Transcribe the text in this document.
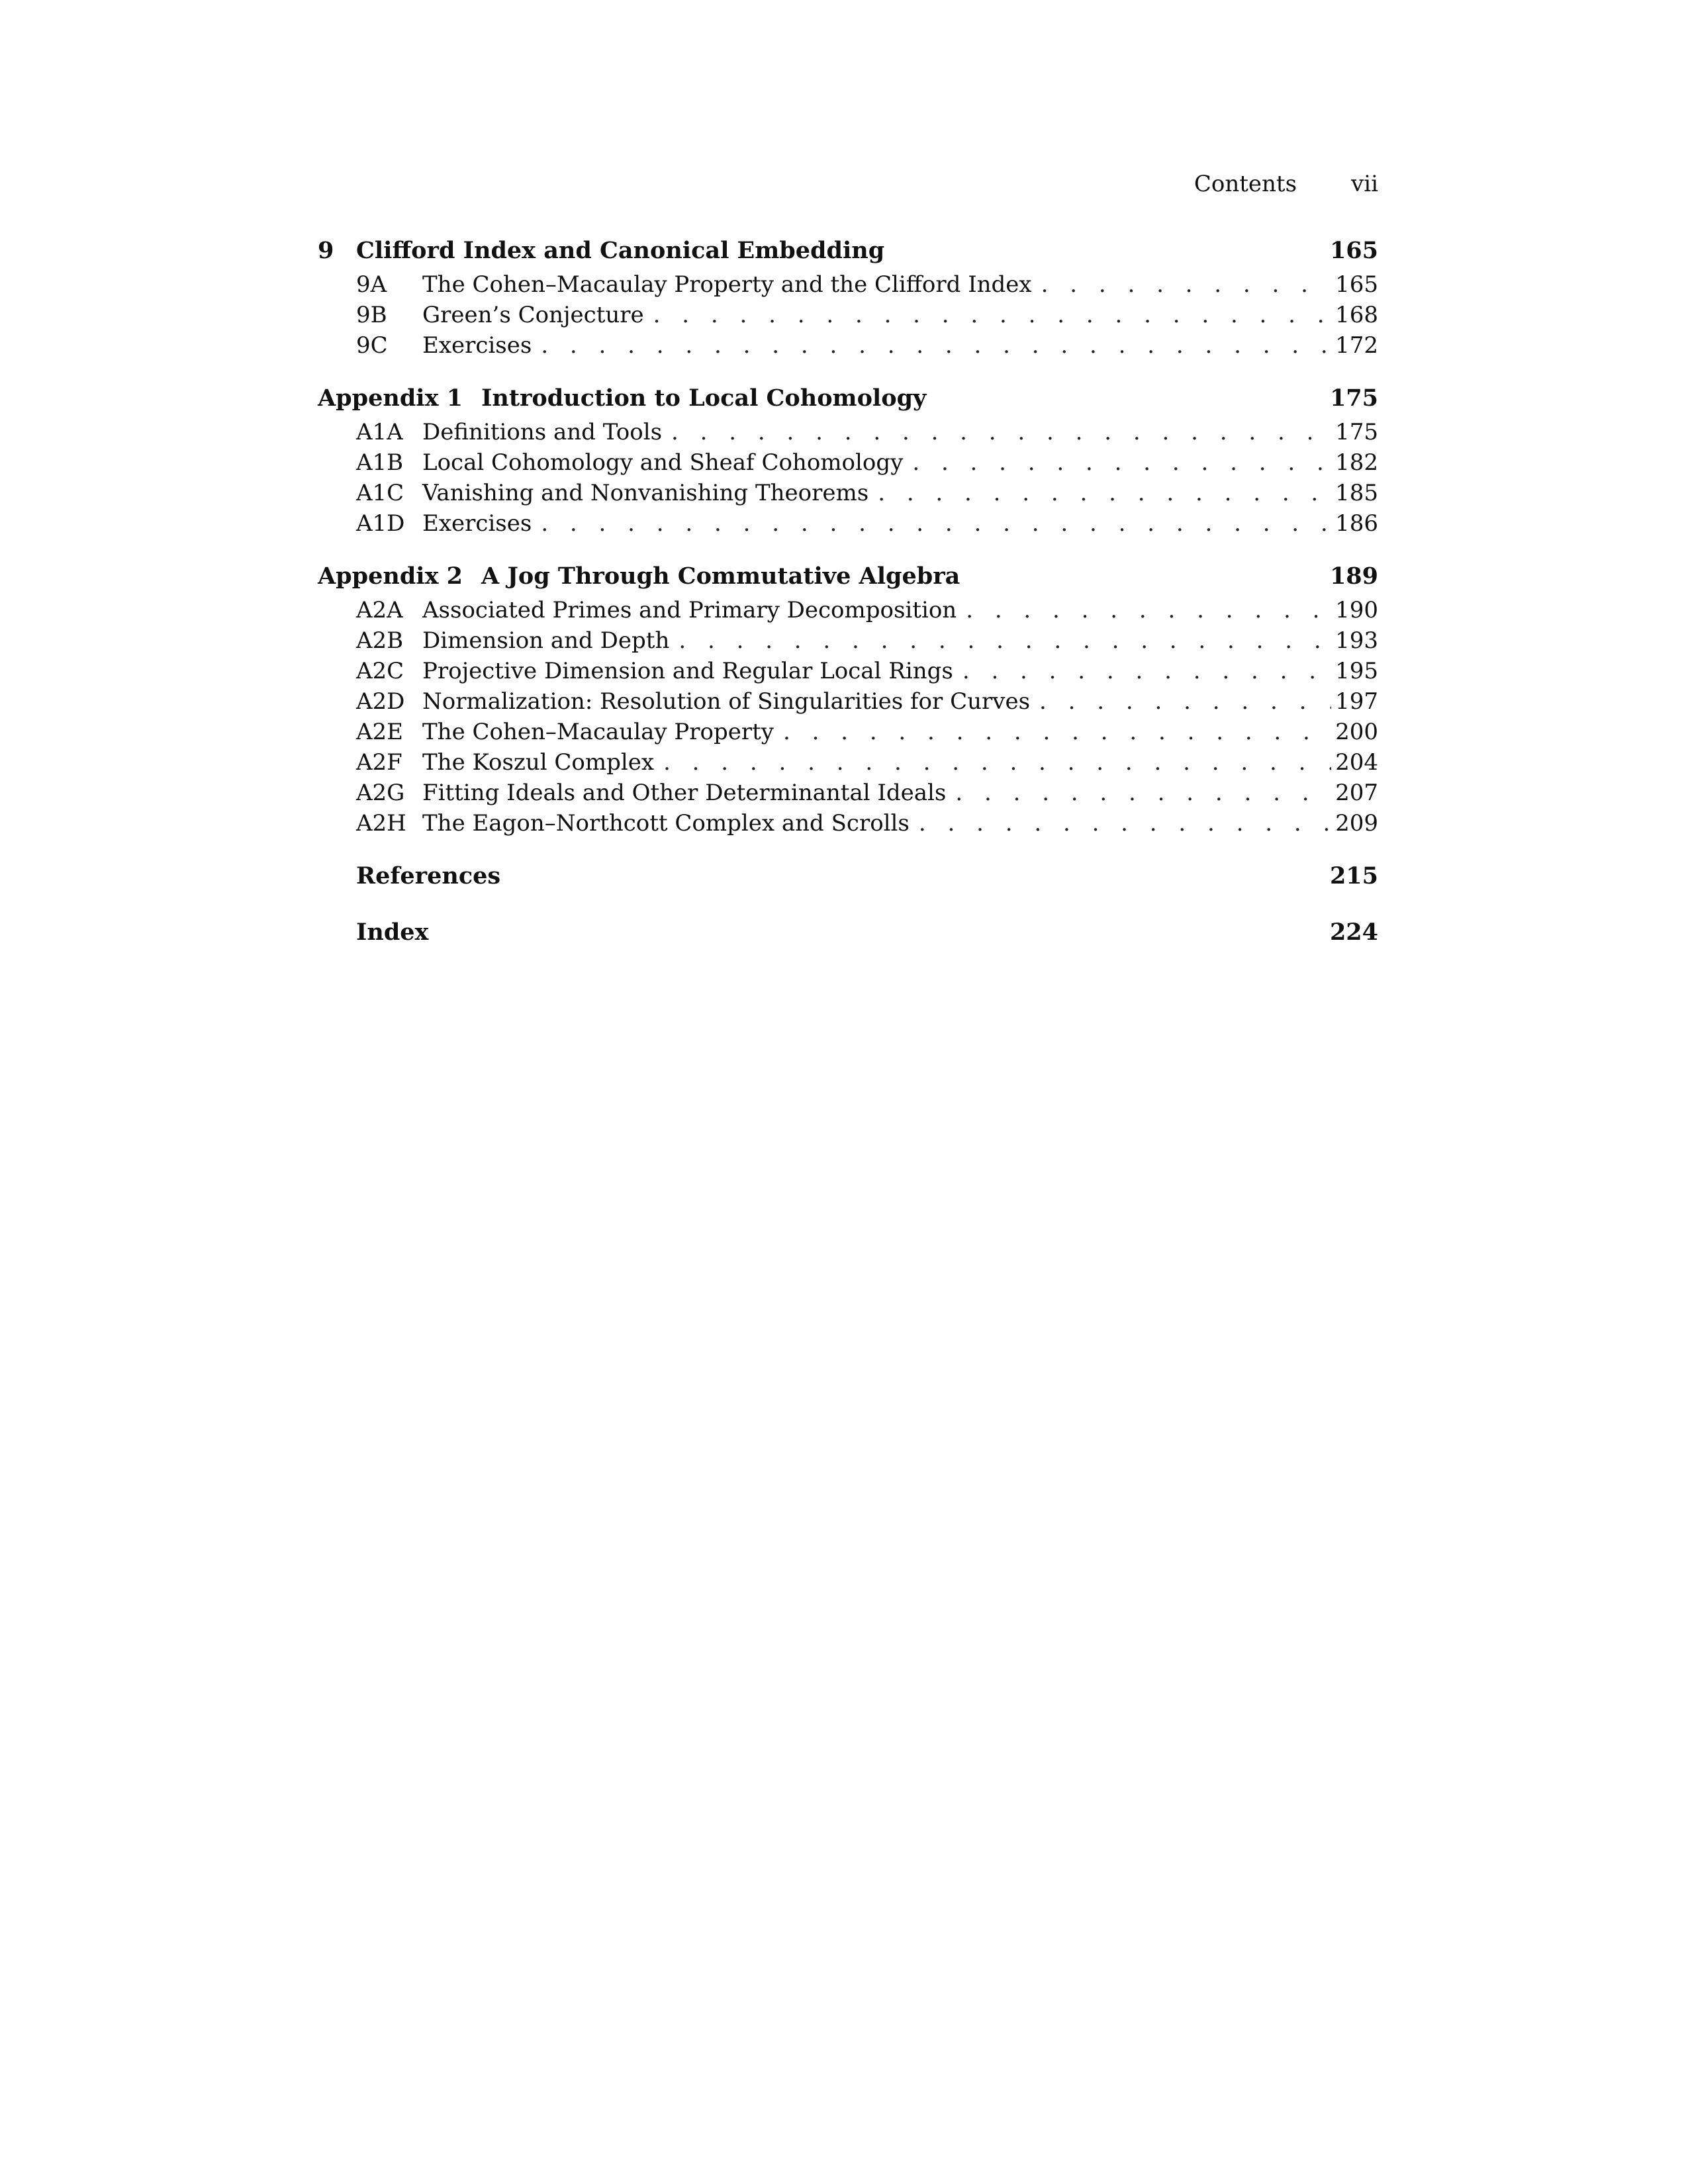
Contents vii
9 Clifford Index and Canonical Embedding	165
9A	The Cohen–Macaulay Property and the Clifford Index . . .	165
9B	Green’s Conjecture . . .	168
9C	Exercises . . .	172
Appendix 1 Introduction to Local Cohomology	175
A1A Definitions and Tools . . .	175
A1B Local Cohomology and Sheaf Cohomology . . .	182
A1C Vanishing and Nonvanishing Theorems . . .	185
A1D Exercises . . .	186
Appendix 2 A Jog Through Commutative Algebra	189
A2A Associated Primes and Primary Decomposition . . .	190
A2B Dimension and Depth . . .	193
A2C Projective Dimension and Regular Local Rings . . .	195
A2D Normalization: Resolution of Singularities for Curves . . .	197
A2E The Cohen–Macaulay Property . . .	200
A2F The Koszul Complex . . .	204
A2G Fitting Ideals and Other Determinantal Ideals . . .	207
A2H The Eagon–Northcott Complex and Scrolls . . .	209
References	215
Index	224
